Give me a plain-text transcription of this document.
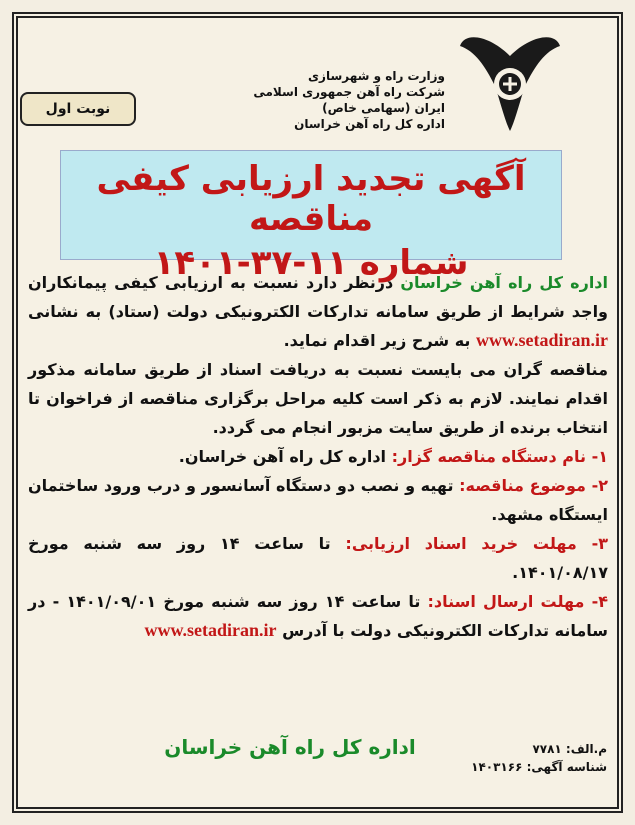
وزارت راه و شهرسازی
شرکت راه آهن جمهوری اسلامی ایران (سهامی خاص)
اداره کل راه آهن خراسان
نوبت اول
آگهی تجدید ارزیابی کیفی مناقصه
شماره ۱۱-۳۷-۱۴۰۱

اداره کل راه آهن خراسان درنظر دارد نسبت به ارزیابی کیفی پیمانکاران واجد شرایط از طریق سامانه تدارکات الکترونیکی دولت (ستاد) به نشانی www.setadiran.ir به شرح زیر اقدام نماید.

مناقصه گران می بایست نسبت به دریافت اسناد از طریق سامانه مذکور اقدام نمایند. لازم به ذکر است کلیه مراحل برگزاری مناقصه از فراخوان تا انتخاب برنده از طریق سایت مزبور انجام می گردد.

۱- نام دستگاه مناقصه گزار: اداره کل راه آهن خراسان.

۲- موضوع مناقصه: تهیه و نصب دو دستگاه آسانسور و درب ورود ساختمان ایستگاه مشهد.

۳- مهلت خرید اسناد ارزیابی: تا ساعت ۱۴ روز سه شنبه مورخ ۱۴۰۱/۰۸/۱۷.

۴- مهلت ارسال اسناد: تا ساعت ۱۴ روز سه شنبه مورخ ۱۴۰۱/۰۹/۰۱ - در سامانه تدارکات الکترونیکی دولت با آدرس www.setadiran.ir

اداره کل راه آهن خراسان	م.الف: ۷۷۸۱
شناسه آگهی: ۱۴۰۳۱۶۶
